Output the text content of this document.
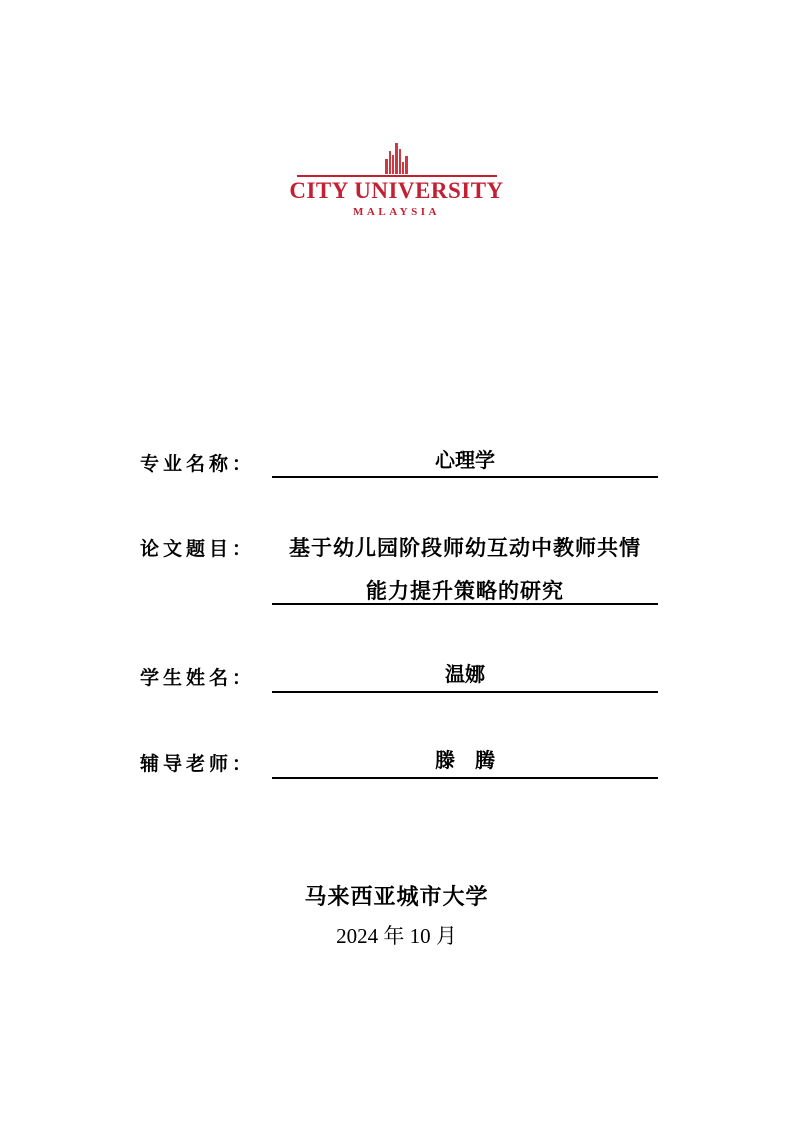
CITY UNIVERSITY
MALAYSIA
专业名称：	心理学
论文题目：	基于幼儿园阶段师幼互动中教师共情
能力提升策略的研究
学生姓名：	温娜
辅导老师：	滕　腾
马来西亚城市大学
2024 年 10 月
